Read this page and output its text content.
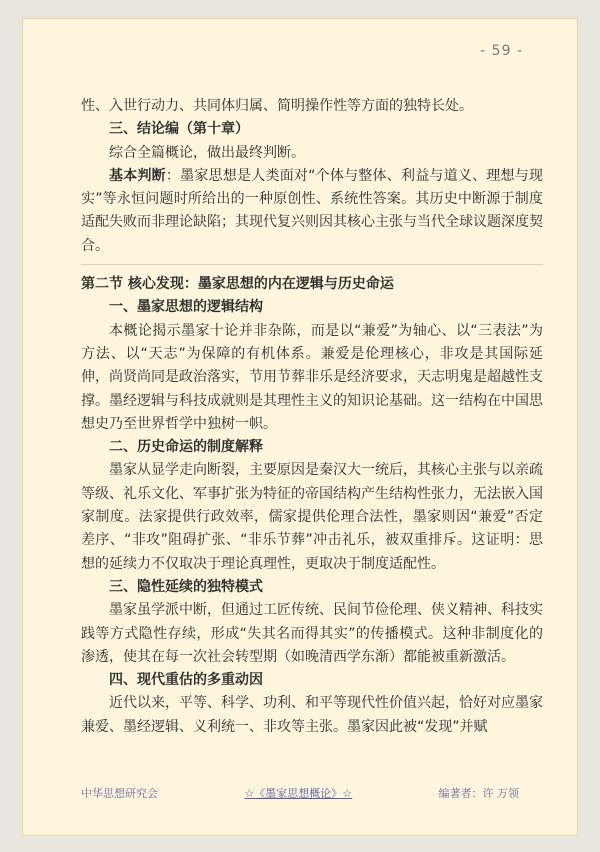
- 59 -

性、入世行动力、共同体归属、简明操作性等方面的独特长处。

三、结论编（第十章）

综合全篇概论，做出最终判断。

基本判断：墨家思想是人类面对“个体与整体、利益与道义、理想与现实”等永恒问题时所给出的一种原创性、系统性答案。其历史中断源于制度适配失败而非理论缺陷；其现代复兴则因其核心主张与当代全球议题深度契合。

第二节 核心发现：墨家思想的内在逻辑与历史命运

一、墨家思想的逻辑结构

本概论揭示墨家十论并非杂陈，而是以“兼爱”为轴心、以“三表法”为方法、以“天志”为保障的有机体系。兼爱是伦理核心，非攻是其国际延伸，尚贤尚同是政治落实，节用节葬非乐是经济要求，天志明鬼是超越性支撑。墨经逻辑与科技成就则是其理性主义的知识论基础。这一结构在中国思想史乃至世界哲学中独树一帜。

二、历史命运的制度解释

墨家从显学走向断裂，主要原因是秦汉大一统后，其核心主张与以亲疏等级、礼乐文化、军事扩张为特征的帝国结构产生结构性张力，无法嵌入国家制度。法家提供行政效率，儒家提供伦理合法性，墨家则因“兼爱”否定差序、“非攻”阻碍扩张、“非乐节葬”冲击礼乐，被双重排斥。这证明：思想的延续力不仅取决于理论真理性，更取决于制度适配性。

三、隐性延续的独特模式

墨家虽学派中断，但通过工匠传统、民间节俭伦理、侠义精神、科技实践等方式隐性存续，形成“失其名而得其实”的传播模式。这种非制度化的渗透，使其在每一次社会转型期（如晚清西学东渐）都能被重新激活。

四、现代重估的多重动因

近代以来，平等、科学、功利、和平等现代性价值兴起，恰好对应墨家兼爱、墨经逻辑、义利统一、非攻等主张。墨家因此被“发现”并赋

中华思想研究会	☆《墨家思想概论》☆	编著者：许 万领
